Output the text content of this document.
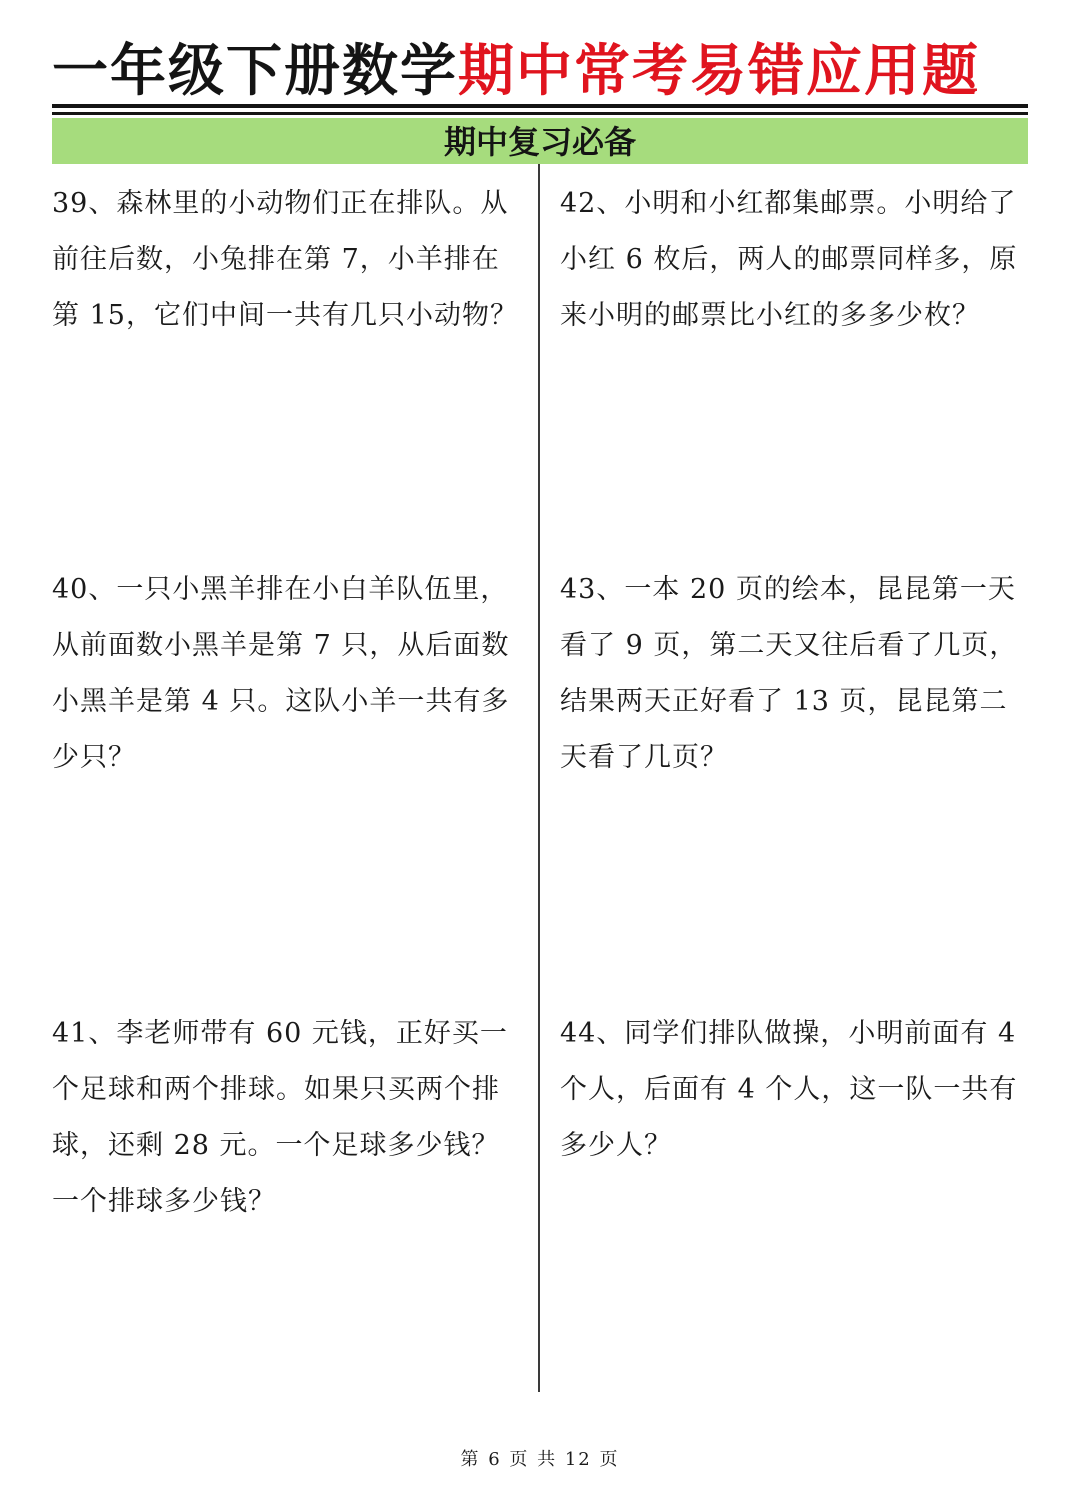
一年级下册数学期中常考易错应用题
期中复习必备

39、森林里的小动物们正在排队。从前往后数，小兔排在第 7，小羊排在第 15，它们中间一共有几只小动物？

42、小明和小红都集邮票。小明给了小红 6 枚后，两人的邮票同样多，原来小明的邮票比小红的多多少枚？

40、一只小黑羊排在小白羊队伍里，从前面数小黑羊是第 7 只，从后面数小黑羊是第 4 只。这队小羊一共有多少只？

43、一本 20 页的绘本，昆昆第一天看了 9 页，第二天又往后看了几页，结果两天正好看了 13 页，昆昆第二天看了几页？

41、李老师带有 60 元钱，正好买一个足球和两个排球。如果只买两个排球，还剩 28 元。一个足球多少钱？一个排球多少钱？

44、同学们排队做操，小明前面有 4 个人，后面有 4 个人，这一队一共有多少人？

第 6 页 共 12 页
